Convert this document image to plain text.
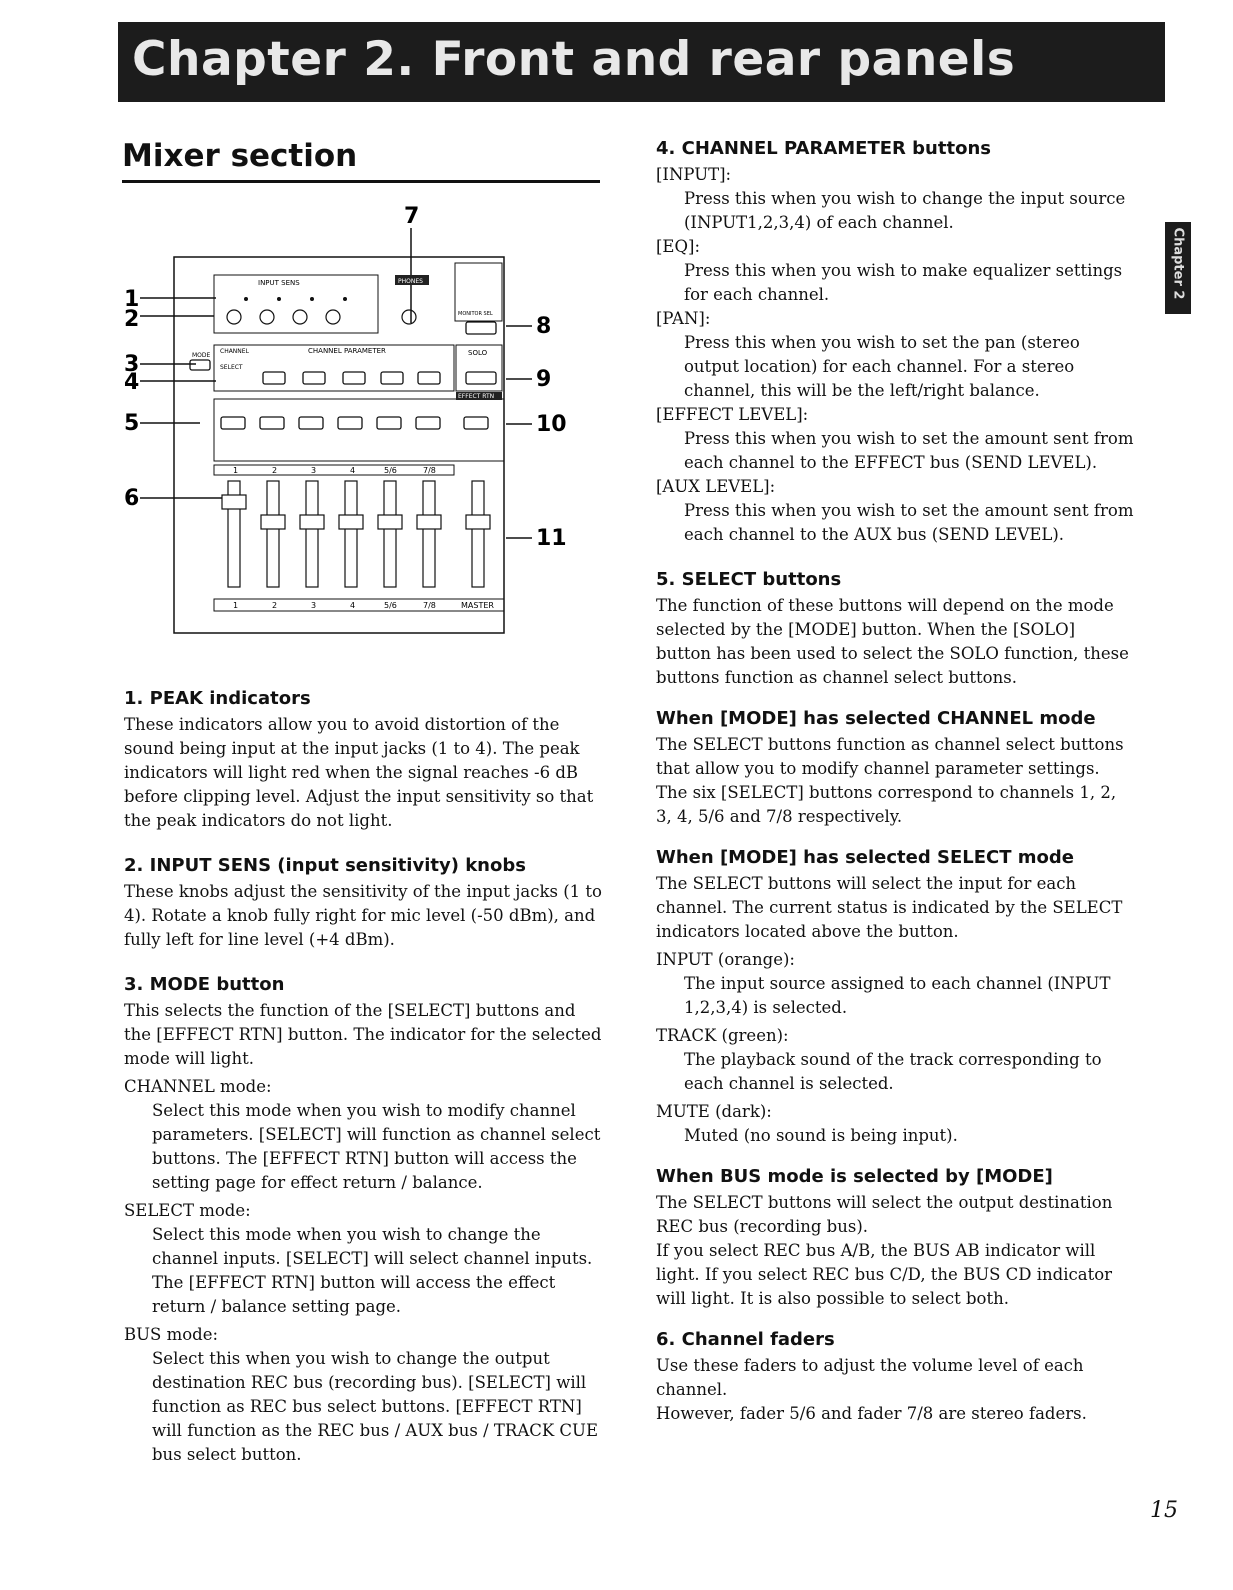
Chapter 2. Front and rear panels
Chapter 2
Mixer section
7
1
2
3
4
5
6
8
9
10
11
INPUT SENS	PHONES
MONITOR SEL
CHANNEL PARAMETER
MODE
CHANNEL
SELECT
SOLO
EFFECT RTN
1	2	3	4	5/6	7/8
1	2	3	4	5/6	7/8	MASTER
1. PEAK indicators

These indicators allow you to avoid distortion of the sound being input at the input jacks (1 to 4). The peak indicators will light red when the signal reaches -6 dB before clipping level. Adjust the input sensitivity so that the peak indicators do not light.

2. INPUT SENS (input sensitivity) knobs

These knobs adjust the sensitivity of the input jacks (1 to 4). Rotate a knob fully right for mic level (-50 dBm), and fully left for line level (+4 dBm).

3. MODE button

This selects the function of the [SELECT] buttons and the [EFFECT RTN] button. The indicator for the selected mode will light.

CHANNEL mode:

Select this mode when you wish to modify channel parameters. [SELECT] will function as channel select buttons. The [EFFECT RTN] button will access the setting page for effect return / balance.

SELECT mode:

Select this mode when you wish to change the channel inputs. [SELECT] will select channel inputs. The [EFFECT RTN] button will access the effect return / balance setting page.

BUS mode:

Select this when you wish to change the output destination REC bus (recording bus). [SELECT] will function as REC bus select buttons. [EFFECT RTN] will function as the REC bus / AUX bus / TRACK CUE bus select button.

4. CHANNEL PARAMETER buttons

[INPUT]:

Press this when you wish to change the input source (INPUT1,2,3,4) of each channel.

[EQ]:

Press this when you wish to make equalizer settings for each channel.

[PAN]:

Press this when you wish to set the pan (stereo output location) for each channel. For a stereo channel, this will be the left/right balance.

[EFFECT LEVEL]:

Press this when you wish to set the amount sent from each channel to the EFFECT bus (SEND LEVEL).

[AUX LEVEL]:

Press this when you wish to set the amount sent from each channel to the AUX bus (SEND LEVEL).

5. SELECT buttons

The function of these buttons will depend on the mode selected by the [MODE] button. When the [SOLO] button has been used to select the SOLO function, these buttons function as channel select buttons.

When [MODE] has selected CHANNEL mode

The SELECT buttons function as channel select buttons that allow you to modify channel parameter settings. The six [SELECT] buttons correspond to channels 1, 2, 3, 4, 5/6 and 7/8 respectively.

When [MODE] has selected SELECT mode

The SELECT buttons will select the input for each channel. The current status is indicated by the SELECT indicators located above the button.

INPUT (orange):

The input source assigned to each channel (INPUT 1,2,3,4) is selected.

TRACK (green):

The playback sound of the track corresponding to each channel is selected.

MUTE (dark):

Muted (no sound is being input).

When BUS mode is selected by [MODE]

The SELECT buttons will select the output destination REC bus (recording bus).

If you select REC bus A/B, the BUS AB indicator will light. If you select REC bus C/D, the BUS CD indicator will light. It is also possible to select both.

6. Channel faders

Use these faders to adjust the volume level of each channel.

However, fader 5/6 and fader 7/8 are stereo faders.

15
